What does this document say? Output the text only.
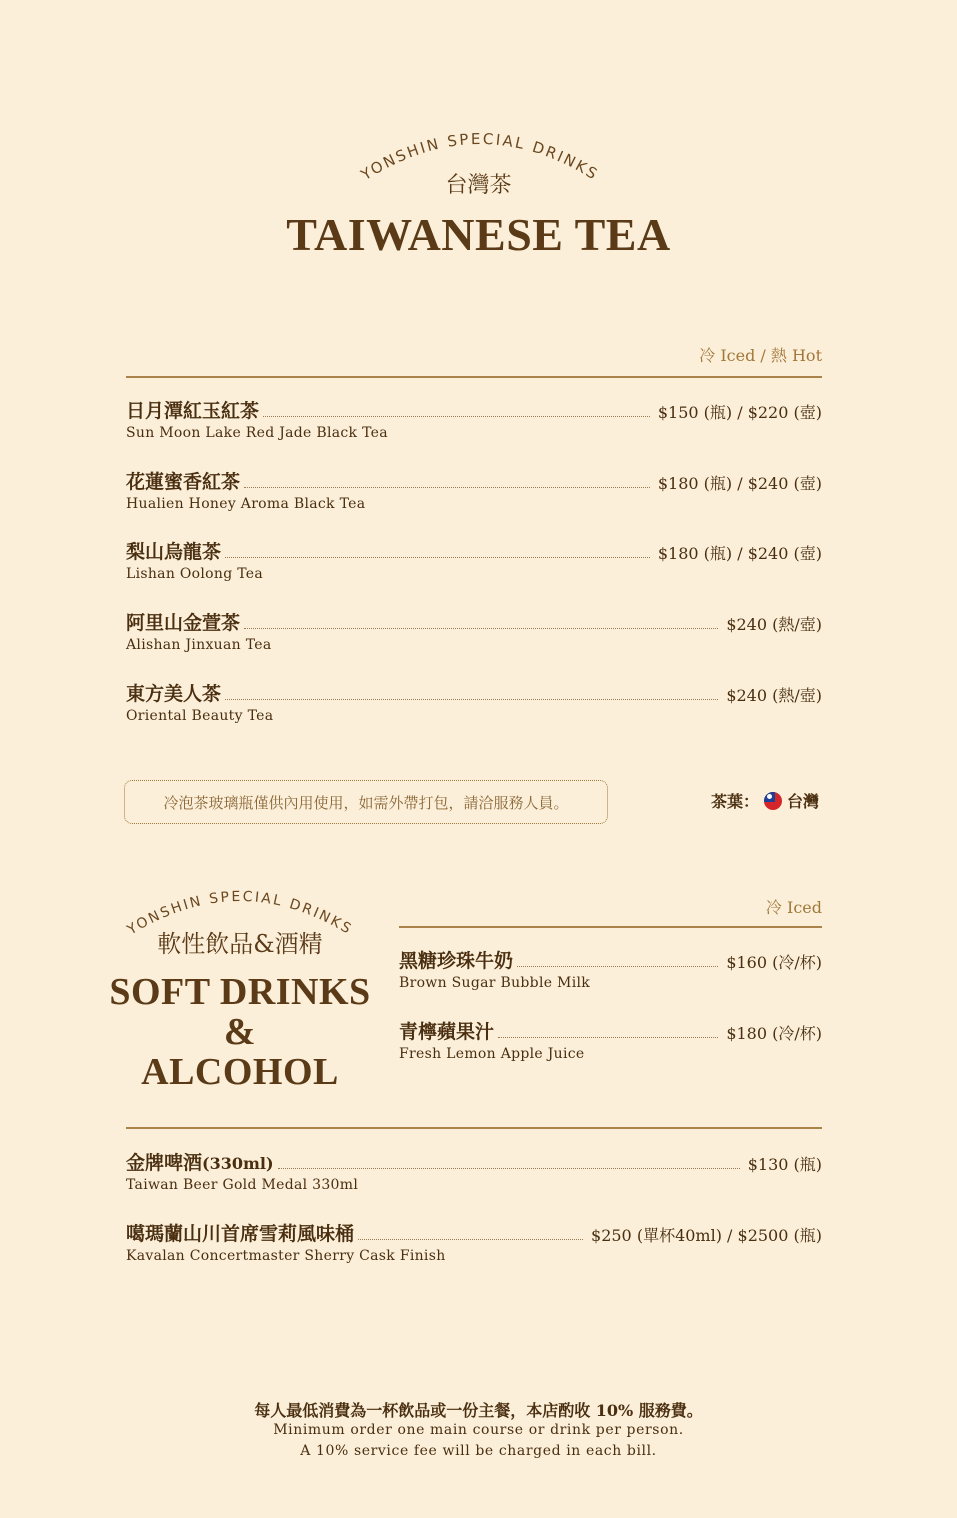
YONSHIN SPECIAL DRINKS
台灣茶
TAIWANESE TEA
冷 Iced / 熱 Hot
日月潭紅玉紅茶	$150 (瓶) / $220 (壺)
Sun Moon Lake Red Jade Black Tea
花蓮蜜香紅茶	$180 (瓶) / $240 (壺)
Hualien Honey Aroma Black Tea
梨山烏龍茶	$180 (瓶) / $240 (壺)
Lishan Oolong Tea
阿里山金萱茶	$240 (熱/壺)
Alishan Jinxuan Tea
東方美人茶	$240 (熱/壺)
Oriental Beauty Tea
冷泡茶玻璃瓶僅供內用使用，如需外帶打包，請洽服務人員。	茶葉： 台灣
YONSHIN SPECIAL DRINKS
軟性飲品&酒精
SOFT DRINKS
&
ALCOHOL
冷 Iced
黑糖珍珠牛奶	$160 (冷/杯)
Brown Sugar Bubble Milk
青檸蘋果汁	$180 (冷/杯)
Fresh Lemon Apple Juice
金牌啤酒(330ml)	$130 (瓶)
Taiwan Beer Gold Medal 330ml
噶瑪蘭山川首席雪莉風味桶	$250 (單杯40ml) / $2500 (瓶)
Kavalan Concertmaster Sherry Cask Finish
每人最低消費為一杯飲品或一份主餐，本店酌收 10% 服務費。
Minimum order one main course or drink per person.
A 10% service fee will be charged in each bill.
